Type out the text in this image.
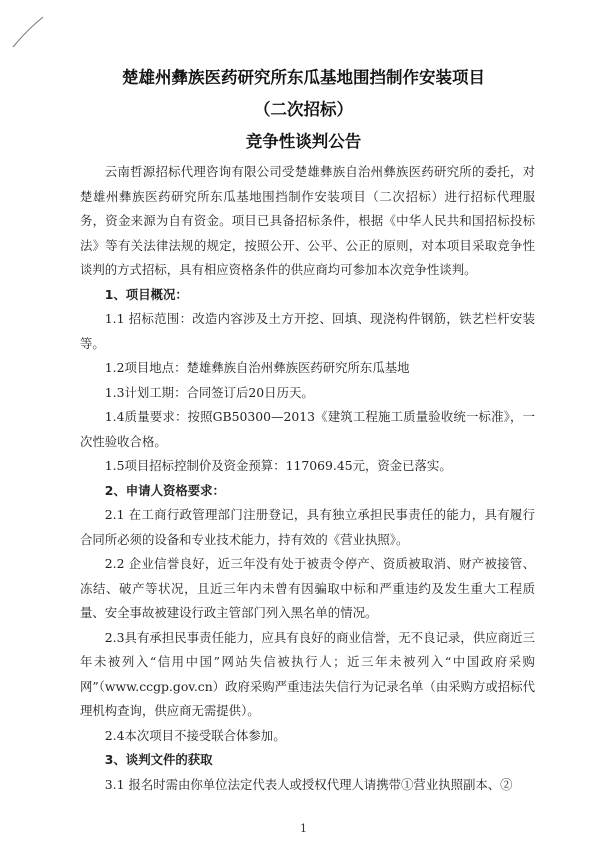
楚雄州彝族医药研究所东瓜基地围挡制作安装项目
（二次招标）
竞争性谈判公告

云南哲源招标代理咨询有限公司受楚雄彝族自治州彝族医药研究所的委托，对楚雄州彝族医药研究所东瓜基地围挡制作安装项目（二次招标）进行招标代理服务，资金来源为自有资金。项目已具备招标条件，根据《中华人民共和国招标投标法》等有关法律法规的规定，按照公开、公平、公正的原则，对本项目采取竞争性谈判的方式招标，具有相应资格条件的供应商均可参加本次竞争性谈判。

1、项目概况：

1.1 招标范围：改造内容涉及土方开挖、回填、现浇构件钢筋，铁艺栏杆安装等。

1.2项目地点：楚雄彝族自治州彝族医药研究所东瓜基地

1.3计划工期：合同签订后20日历天。

1.4质量要求：按照GB50300—2013《建筑工程施工质量验收统一标准》，一次性验收合格。

1.5项目招标控制价及资金预算：117069.45元，资金已落实。

2、申请人资格要求：

2.1 在工商行政管理部门注册登记，具有独立承担民事责任的能力，具有履行合同所必须的设备和专业技术能力，持有效的《营业执照》。

2.2 企业信誉良好，近三年没有处于被责令停产、资质被取消、财产被接管、冻结、破产等状况，且近三年内未曾有因骗取中标和严重违约及发生重大工程质量、安全事故被建设行政主管部门列入黑名单的情况。

2.3具有承担民事责任能力，应具有良好的商业信誉，无不良记录，供应商近三年未被列入“信用中国”网站失信被执行人；近三年未被列入“中国政府采购网”（www.ccgp.gov.cn）政府采购严重违法失信行为记录名单（由采购方或招标代理机构查询，供应商无需提供）。

2.4本次项目不接受联合体参加。

3、谈判文件的获取

3.1 报名时需由你单位法定代表人或授权代理人请携带①营业执照副本、②

1
